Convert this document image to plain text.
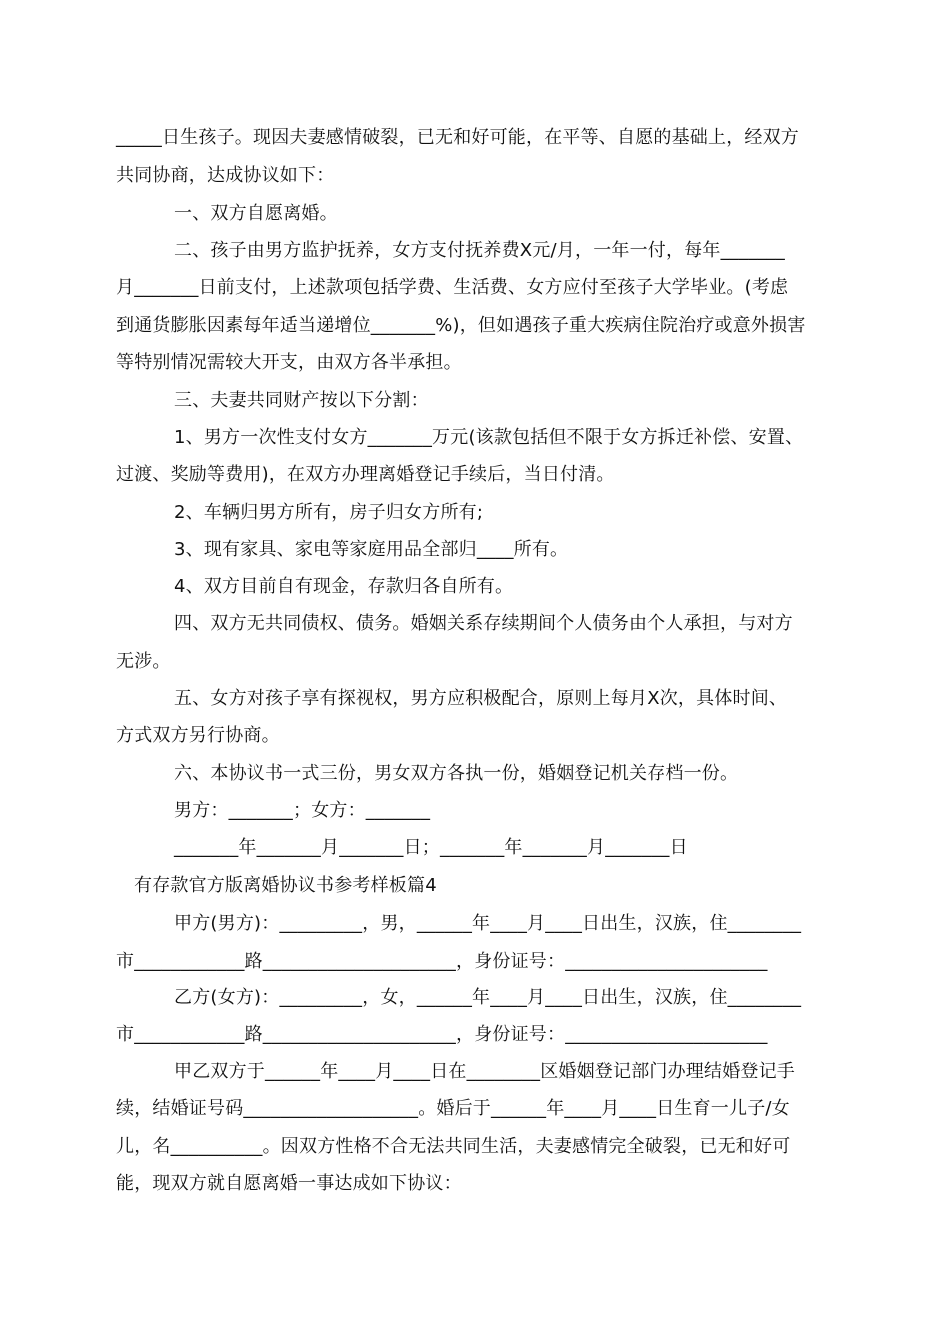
_____日生孩子。现因夫妻感情破裂，已无和好可能，在平等、自愿的基础上，经双方
共同协商，达成协议如下：
一、双方自愿离婚。
二、孩子由男方监护抚养，女方支付抚养费X元/月，一年一付，每年_______
月_______日前支付，上述款项包括学费、生活费、女方应付至孩子大学毕业。(考虑
到通货膨胀因素每年适当递增位_______%)，但如遇孩子重大疾病住院治疗或意外损害
等特别情况需较大开支，由双方各半承担。
三、夫妻共同财产按以下分割：
1、男方一次性支付女方_______万元(该款包括但不限于女方拆迁补偿、安置、
过渡、奖励等费用)，在双方办理离婚登记手续后，当日付清。
2、车辆归男方所有，房子归女方所有;
3、现有家具、家电等家庭用品全部归____所有。
4、双方目前自有现金，存款归各自所有。
四、双方无共同债权、债务。婚姻关系存续期间个人债务由个人承担，与对方
无涉。
五、女方对孩子享有探视权，男方应积极配合，原则上每月X次，具体时间、
方式双方另行协商。
六、本协议书一式三份，男女双方各执一份，婚姻登记机关存档一份。
男方：_______；女方：_______
_______年_______月_______日；_______年_______月_______日
有存款官方版离婚协议书参考样板篇4
甲方(男方)：_________，男，______年____月____日出生，汉族，住________
市____________路_____________________，身份证号：______________________
乙方(女方)：_________，女，______年____月____日出生，汉族，住________
市____________路_____________________，身份证号：______________________
甲乙双方于______年____月____日在________区婚姻登记部门办理结婚登记手
续，结婚证号码___________________。婚后于______年____月____日生育一儿子/女
儿，名__________。因双方性格不合无法共同生活，夫妻感情完全破裂，已无和好可
能，现双方就自愿离婚一事达成如下协议：
